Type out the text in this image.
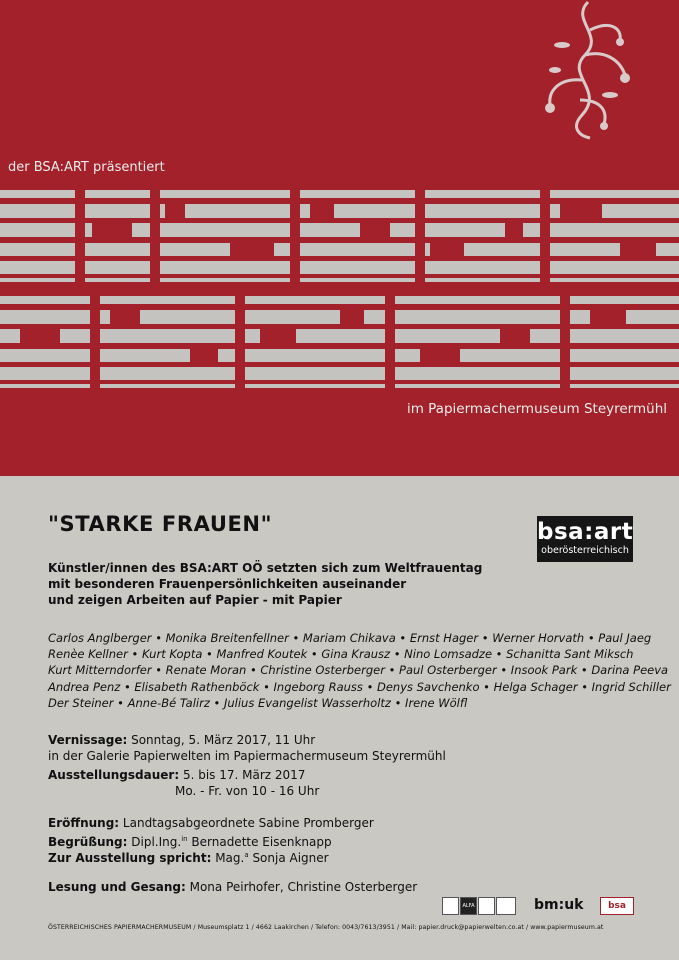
der BSA:ART präsentiert
im Papiermachermuseum Steyrermühl
"STARKE FRAUEN"	bsa:art
oberösterreichisch
Künstler/innen des BSA:ART OÖ setzten sich zum Weltfrauentag
mit besonderen Frauenpersönlichkeiten auseinander
und zeigen Arbeiten auf Papier - mit Papier
Carlos Anglberger • Monika Breitenfellner • Mariam Chikava • Ernst Hager • Werner Horvath • Paul Jaeg
Renèe Kellner • Kurt Kopta • Manfred Koutek • Gina Krausz • Nino Lomsadze • Schanitta Sant Miksch
Kurt Mitterndorfer • Renate Moran • Christine Osterberger • Paul Osterberger • Insook Park • Darina Peeva
Andrea Penz • Elisabeth Rathenböck • Ingeborg Rauss • Denys Savchenko • Helga Schager • Ingrid Schiller
Der Steiner • Anne-Bé Talirz • Julius Evangelist Wasserholtz • Irene Wölfl
Vernissage: Sonntag, 5. März 2017, 11 Uhr
in der Galerie Papierwelten im Papiermachermuseum Steyrermühl
Ausstellungsdauer: 5. bis 17. März 2017
Mo. - Fr. von 10 - 16 Uhr
Eröffnung: Landtagsabgeordnete Sabine Promberger
Begrüßung: Dipl.Ing.$^{in}$ Bernadette Eisenknapp
Zur Ausstellung spricht: Mag.$^a$ Sonja Aigner
Lesung und Gesang: Mona Peirhofer, Christine Osterberger
ALFA	bm:uk	bsa
ÖSTERREICHISCHES PAPIERMACHERMUSEUM / Museumsplatz 1 / 4662 Laakirchen / Telefon: 0043/7613/3951 / Mail: papier.druck@papierwelten.co.at / www.papiermuseum.at
